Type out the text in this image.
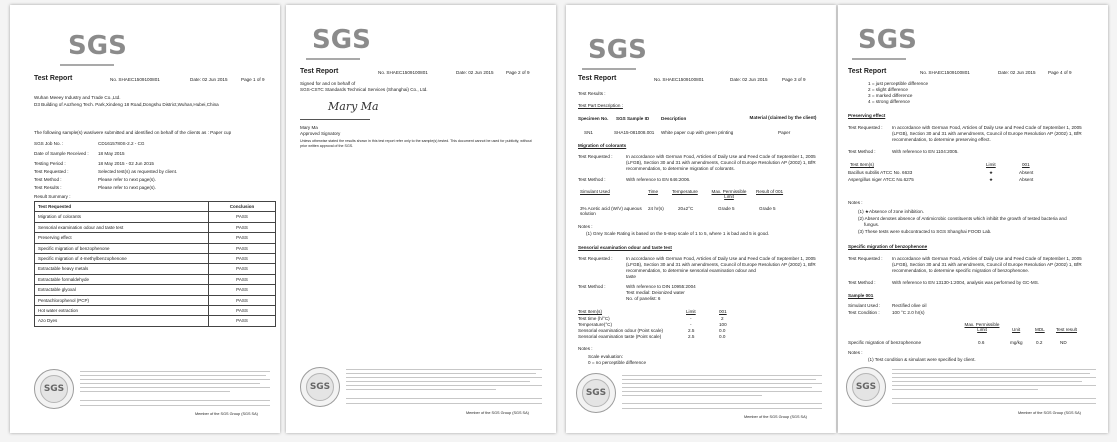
SGS
Test Report	No. SHAEC1509100801	Date: 02 Jun 2015	Page 1 of 9
Wuhan Meeey Industry and Trade Co.,Ltd.
D3 Building of Aozheng Tech. Park,Xindeng 18 Road,Dongshu District,Wuhan,Hubei,China
The following sample(s) was/were submitted and identified on behalf of the clients as : Paper cup
SGS Job No. :	CD1615780S-2.2 - CG
Date of Sample Received : 18 May 2015
Testing Period :	18 May 2015 - 02 Jun 2015
Test Requested :	Selected test(s) as requested by client.
Test Method :	Please refer to next page(s).
Test Results :	Please refer to next page(s).
Result Summary :
Test Requested	Conclusion
Migration of colorants	PASS
Sensorial examination odour and taste test	PASS
Preserving effect	PASS
Specific migration of benzophenone	PASS
Specific migration of 4-methylbenzophenone	PASS
Extractable heavy metals	PASS
Extractable formaldehyde	PASS
Extractable glyoxal	PASS
Pentachlorophenol (PCP)	PASS
Hot water extraction	PASS
Azo Dyes	PASS
SGS
Member of the SGS Group (SGS SA)
SGS
Test Report	No. SHAEC1509100801	Date: 02 Jun 2015	Page 2 of 9
Signed for and on behalf of
SGS-CSTC Standards Technical Services (Shanghai) Co., Ltd.
Mary Ma
Mary Ma
Approved Signatory
Unless otherwise stated the results shown in this test report refer only to the sample(s) tested. This document cannot be used for publicity, without
prior written approval of the SGS.
SGS
Member of the SGS Group (SGS SA)
SGS
Test Report	No. SHAEC1509100801	Date: 02 Jun 2015	Page 3 of 9
Test Results :
Test Part Description :
Specimen No. SGS Sample ID	Description	Material (claimed by the client)
SN1	SHA15-081008.001 White paper cup with green printing	Paper
Migration of colorants
Test Requested :	In accordance with German Food, Articles of Daily Use and Feed Code of September 1, 2005
(LFGB), Section 30 and 31 with amendments, Council of Europe Resolution AP (2002) 1, BfR
recommendation, to determine migration of colorants.
Test Method :	With reference to EN 646:2006.
Simulant Used	Time	Temperature	Max. Permissible Limit
Result of 001
3% Acetic acid (W/V) aqueous solution
24 hr(s)	20±2°C	Grade 5	Grade 5
Notes :
(1) Grey Scale Rating is based on the 5-step scale of 1 to 5, where 1 is bad and 5 is good.
Sensorial examination odour and taste test
Test Requested :	In accordance with German Food, Articles of Daily Use and Feed Code of September 1, 2005
(LFGB), Section 30 and 31 with amendments, Council of Europe Resolution AP (2002) 1, BfR
recommendation, to determine sensorial examination odour and
taste
Test Method :	With reference to DIN 10955:2004
Test medial: Deionized water
No. of panelist: 6
Test Item(s)	Limit	001
Test time (h/°C)	-	2
Temperature(°C)	-	100
Sensorial examination odour (Point scale)	2.5	0.0
Sensorial examination taste (Point scale)	2.5	0.0
Notes :
Scale evaluation:
0 = no perceptible difference
SGS
Member of the SGS Group (SGS SA)
SGS
Test Report	No. SHAEC1509100801	Date: 02 Jun 2015	Page 4 of 9
1 = just perceptible difference
2 = slight difference
3 = marked difference
4 = strong difference
Preserving effect
Test Requested : In accordance with German Food, Articles of Daily Use and Feed Code of September 1, 2005
(LFGB), Section 30 and 31 with amendments, Council of Europe Resolution AP (2002) 1, BfR
recommendation, to determine preserving effect.
Test Method :	With reference to EN 1104:2005.
Test Item(s)	Limit	001
Bacillus subtilis ATCC No. 6633	★	Absent
Aspergillus niger ATCC No.6275	★	Absent
Notes :
(1) ★Absence of zone inhibition.
(2) Absent denotes absence of Antimicrobic constituents which inhibit the growth of tested bacteria and
fungus.
(3) These tests were subcontracted to SGS Shanghai FOOD Lab.
Specific migration of benzophenone
Test Requested : In accordance with German Food, Articles of Daily Use and Feed Code of September 1, 2005
(LFGB), Section 30 and 31 with amendments, Council of Europe Resolution AP (2002) 1, BfR
recommendation, to determine specific migration of benzophenone.
Test Method :	With reference to EN 13130-1:2004, analysis was performed by GC-MS.
Sample 001
Simulant Used :	Rectified olive oil
Test Condition :	100 °C 2.0 hr(s)
Max. Permissible Limit	Unit	MDL Test result
Specific migration of benzophenone	0.6	mg/kg	0.2	ND
Notes :
(1) Test condition & simulant were specified by client.
SGS
Member of the SGS Group (SGS SA)
